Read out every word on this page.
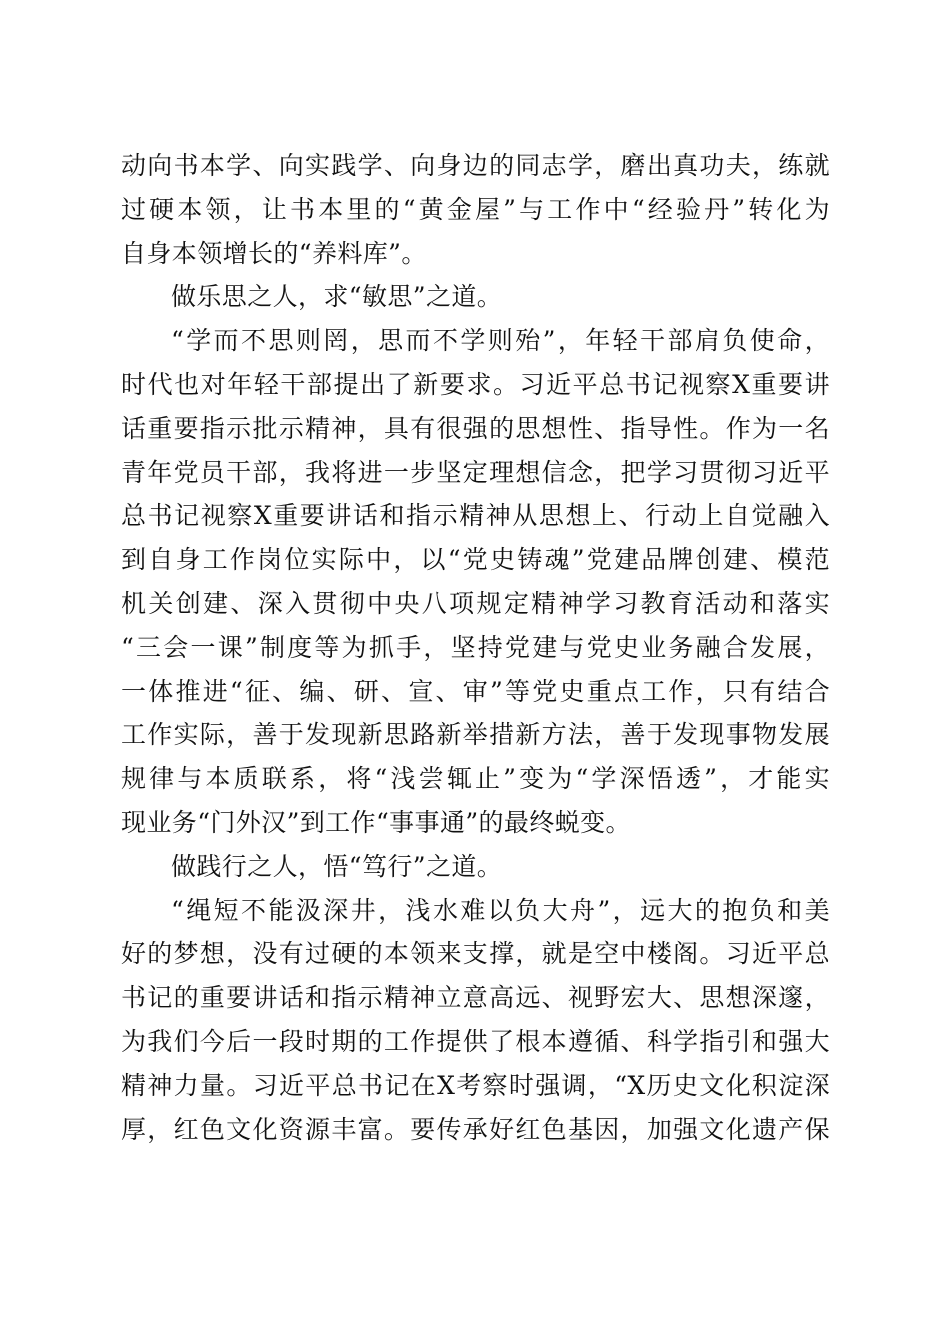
动向书本学、向实践学、向身边的同志学，磨出真功夫，练就
过硬本领，让书本里的“黄金屋”与工作中“经验丹”转化为
自身本领增长的“养料库”。
做乐思之人，求“敏思”之道。
“学而不思则罔，思而不学则殆”，年轻干部肩负使命，
时代也对年轻干部提出了新要求。习近平总书记视察X重要讲
话重要指示批示精神，具有很强的思想性、指导性。作为一名
青年党员干部，我将进一步坚定理想信念，把学习贯彻习近平
总书记视察X重要讲话和指示精神从思想上、行动上自觉融入
到自身工作岗位实际中，以“党史铸魂”党建品牌创建、模范
机关创建、深入贯彻中央八项规定精神学习教育活动和落实
“三会一课”制度等为抓手，坚持党建与党史业务融合发展，
一体推进“征、编、研、宣、审”等党史重点工作，只有结合
工作实际，善于发现新思路新举措新方法，善于发现事物发展
规律与本质联系，将“浅尝辄止”变为“学深悟透”，才能实
现业务“门外汉”到工作“事事通”的最终蜕变。
做践行之人，悟“笃行”之道。
“绳短不能汲深井，浅水难以负大舟”，远大的抱负和美
好的梦想，没有过硬的本领来支撑，就是空中楼阁。习近平总
书记的重要讲话和指示精神立意高远、视野宏大、思想深邃，
为我们今后一段时期的工作提供了根本遵循、科学指引和强大
精神力量。习近平总书记在X考察时强调，“X历史文化积淀深
厚，红色文化资源丰富。要传承好红色基因，加强文化遗产保
